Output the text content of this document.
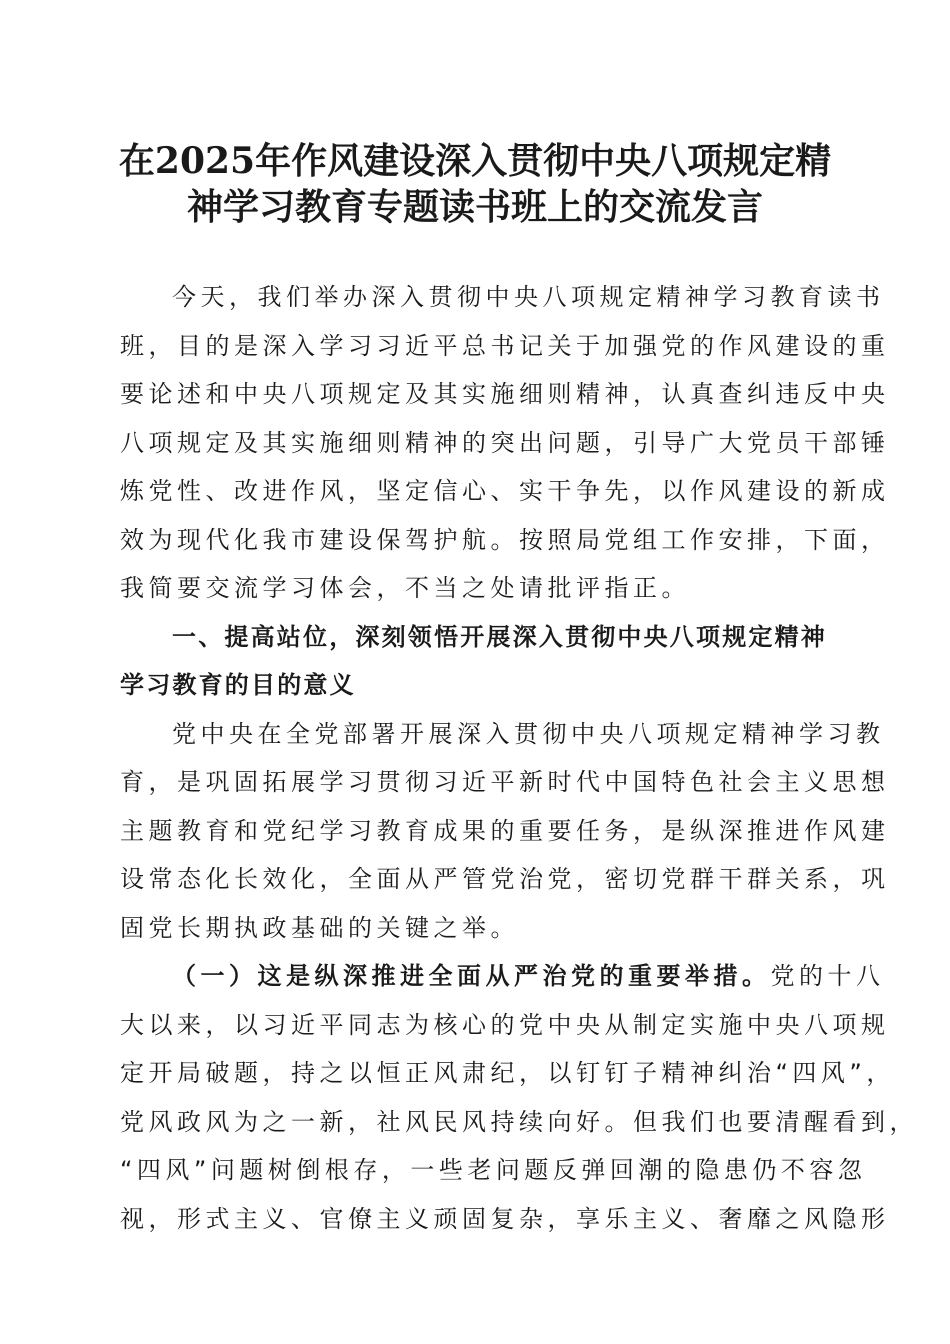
在2025年作风建设深入贯彻中央八项规定精
神学习教育专题读书班上的交流发言
今天，我们举办深入贯彻中央八项规定精神学习教育读书
班，目的是深入学习习近平总书记关于加强党的作风建设的重
要论述和中央八项规定及其实施细则精神，认真查纠违反中央
八项规定及其实施细则精神的突出问题，引导广大党员干部锤
炼党性、改进作风，坚定信心、实干争先，以作风建设的新成
效为现代化我市建设保驾护航。按照局党组工作安排，下面，
我简要交流学习体会，不当之处请批评指正。
一、提高站位，深刻领悟开展深入贯彻中央八项规定精神
学习教育的目的意义
党中央在全党部署开展深入贯彻中央八项规定精神学习教
育，是巩固拓展学习贯彻习近平新时代中国特色社会主义思想
主题教育和党纪学习教育成果的重要任务，是纵深推进作风建
设常态化长效化，全面从严管党治党，密切党群干群关系，巩
固党长期执政基础的关键之举。
（一）这是纵深推进全面从严治党的重要举措。党的十八
大以来，以习近平同志为核心的党中央从制定实施中央八项规
定开局破题，持之以恒正风肃纪，以钉钉子精神纠治“四风”，
党风政风为之一新，社风民风持续向好。但我们也要清醒看到，
“四风”问题树倒根存，一些老问题反弹回潮的隐患仍不容忽
视，形式主义、官僚主义顽固复杂，享乐主义、奢靡之风隐形
